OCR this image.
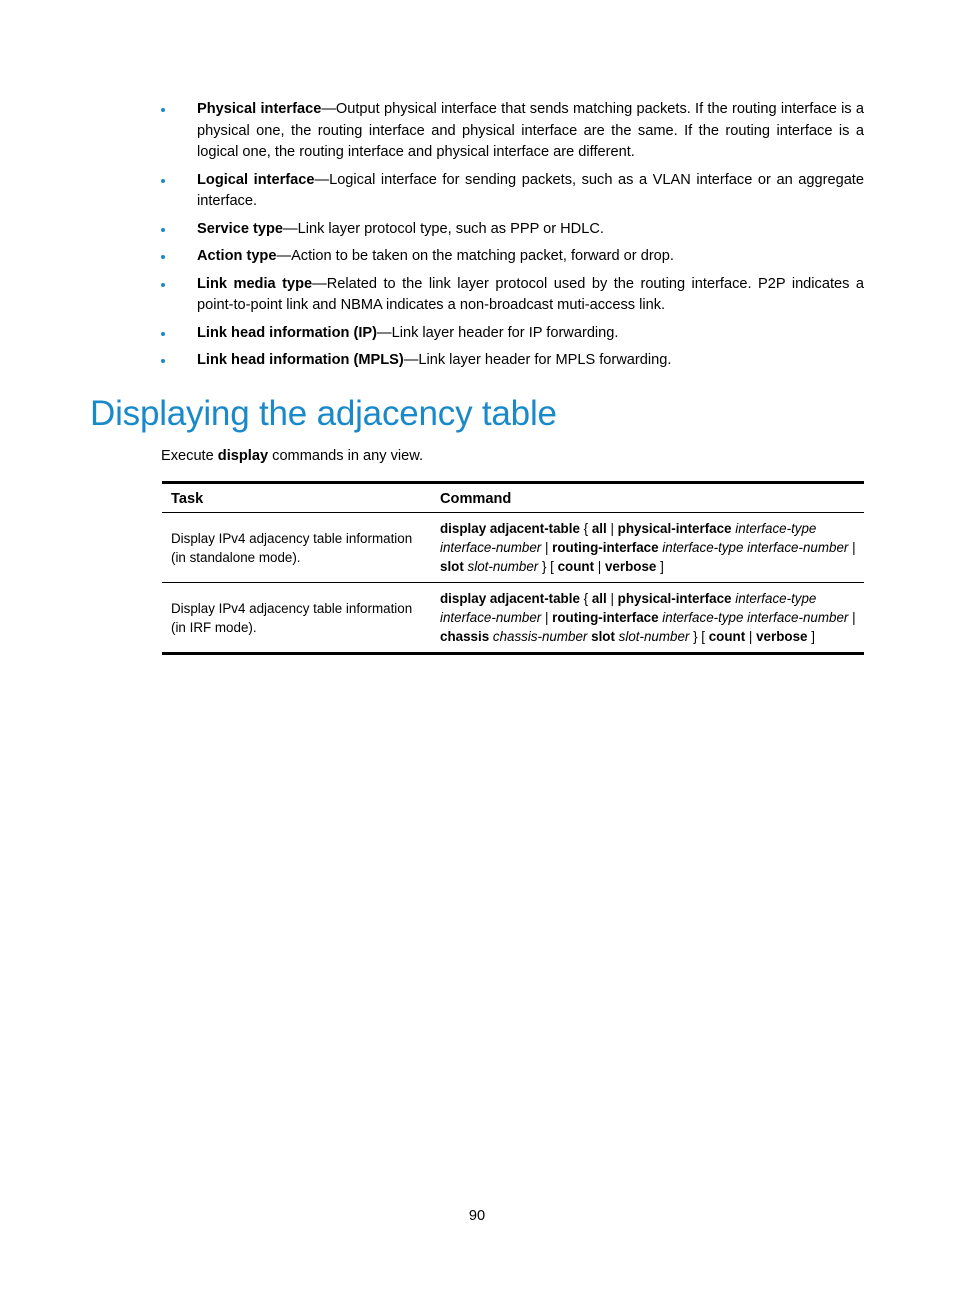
Physical interface—Output physical interface that sends matching packets. If the routing interface is a physical one, the routing interface and physical interface are the same. If the routing interface is a logical one, the routing interface and physical interface are different.
Logical interface—Logical interface for sending packets, such as a VLAN interface or an aggregate interface.
Service type—Link layer protocol type, such as PPP or HDLC.
Action type—Action to be taken on the matching packet, forward or drop.
Link media type—Related to the link layer protocol used by the routing interface. P2P indicates a point-to-point link and NBMA indicates a non-broadcast muti-access link.
Link head information (IP)—Link layer header for IP forwarding.
Link head information (MPLS)—Link layer header for MPLS forwarding.
Displaying the adjacency table

Execute display commands in any view.

Task	Command
Display IPv4 adjacency table information (in standalone mode).	display adjacent-table { all | physical-interface interface-type interface-number | routing-interface interface-type interface-number | slot slot-number } [ count | verbose ]
Display IPv4 adjacency table information (in IRF mode).	display adjacent-table { all | physical-interface interface-type interface-number | routing-interface interface-type interface-number | chassis chassis-number slot slot-number } [ count | verbose ]
90
